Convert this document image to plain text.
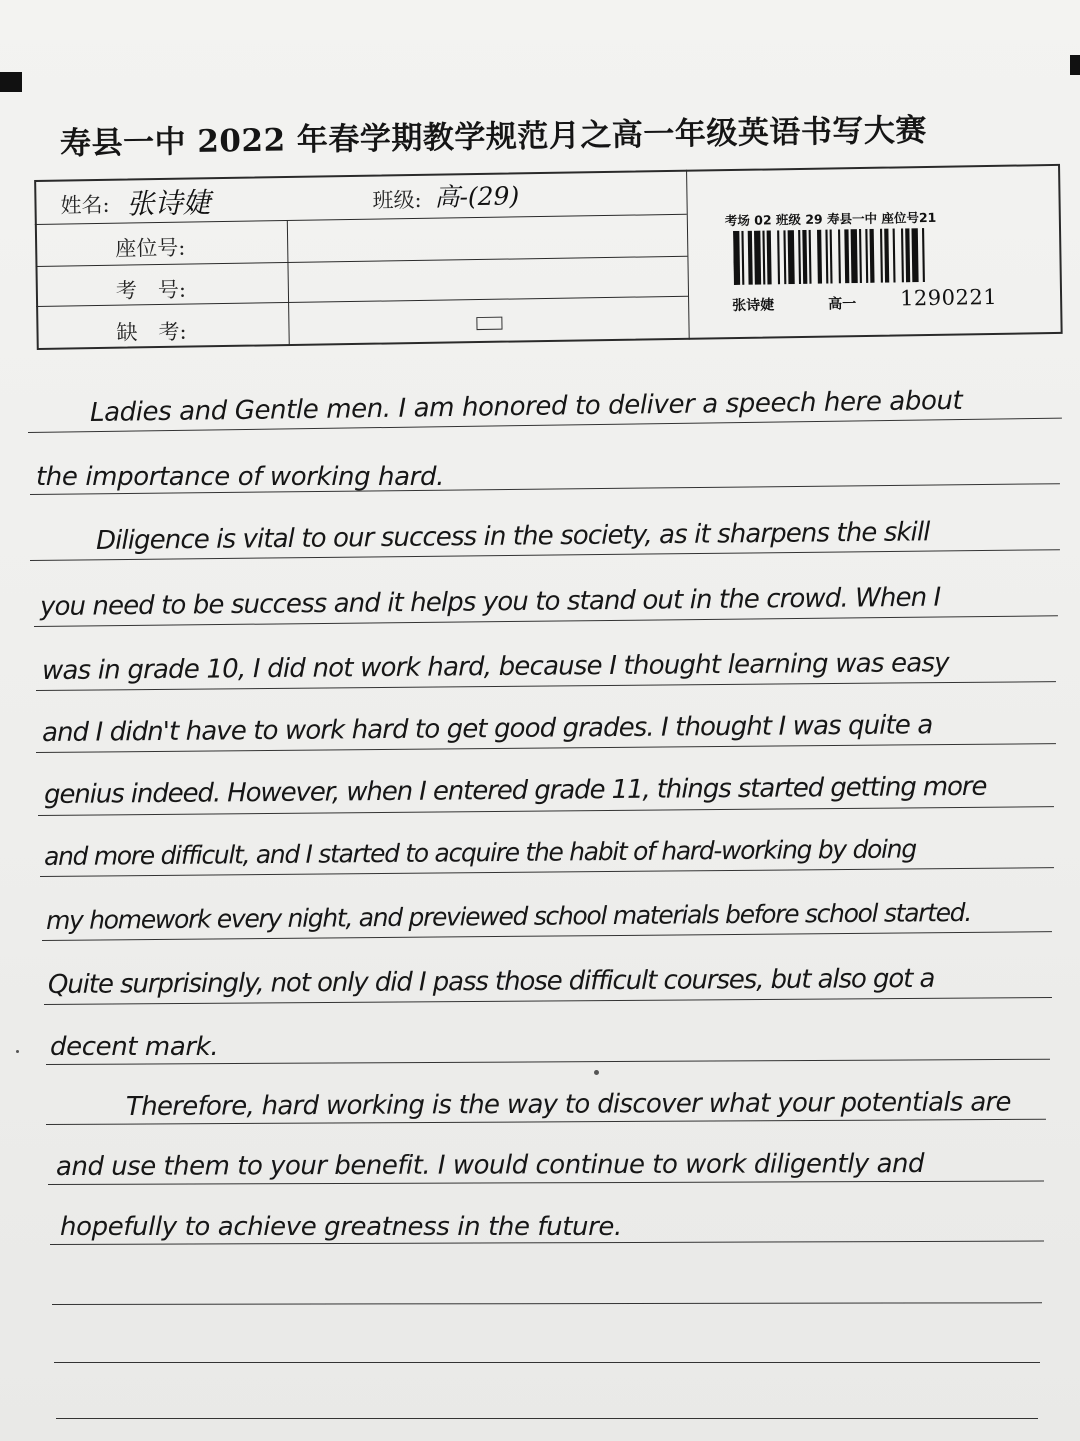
寿县一中 2022 年春学期教学规范月之高一年级英语书写大赛
姓名: 张诗婕	班级: 高-(29)
座位号:
考　号:
缺　考:
考场 02 班级 29 寿县一中 座位号21
张诗婕	高一 1290221
Ladies and Gentle men. I am honored to deliver a speech here about
the importance of working hard.
Diligence is vital to our success in the society, as it sharpens the skill
you need to be success and it helps you to stand out in the crowd. When I
was in grade 10, I did not work hard, because I thought learning was easy
and I didn't have to work hard to get good grades. I thought I was quite a
genius indeed. However, when I entered grade 11, things started getting more
and more difficult, and I started to acquire the habit of hard-working by doing
my homework every night, and previewed school materials before school started.
Quite surprisingly, not only did I pass those difficult courses, but also got a
decent mark.
Therefore, hard working is the way to discover what your potentials are
and use them to your benefit. I would continue to work diligently and
hopefully to achieve greatness in the future.
